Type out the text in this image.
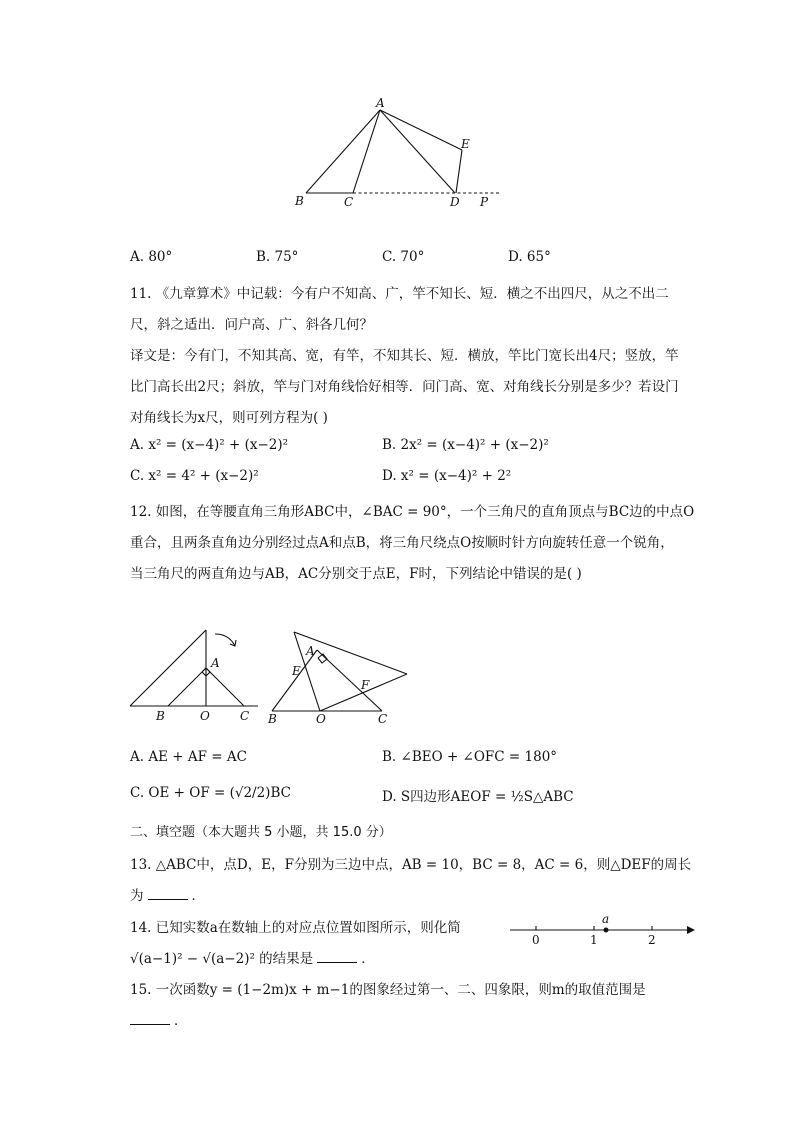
A
E
B	C	D P
A. 80°	B. 75°	C. 70°	D. 65°
11. 《九章算术》中记载：今有户不知高、广，竿不知长、短．横之不出四尺，从之不出二
尺，斜之适出．问户高、广、斜各几何？
译文是：今有门，不知其高、宽，有竿，不知其长、短．横放，竿比门宽长出4尺；竖放，竿
比门高长出2尺；斜放，竿与门对角线恰好相等．问门高、宽、对角线长分别是多少？若设门
对角线长为x尺，则可列方程为( )
A. x² = (x−4)² + (x−2)²	B. 2x² = (x−4)² + (x−2)²
C. x² = 4² + (x−2)²	D. x² = (x−4)² + 2²
12. 如图，在等腰直角三角形ABC中，∠BAC = 90°，一个三角尺的直角顶点与BC边的中点O
重合，且两条直角边分别经过点A和点B，将三角尺绕点O按顺时针方向旋转任意一个锐角，
当三角尺的两直角边与AB，AC分别交于点E，F时，下列结论中错误的是( )
A
B	O	C
A
E
F
B	O	C
A. AE + AF = AC	B. ∠BEO + ∠OFC = 180°
C. OE + OF = (√2/2)BC	D. S四边形AEOF = ½S△ABC
二、填空题（本大题共 5 小题，共 15.0 分）
13. △ABC中，点D，E，F分别为三边中点，AB = 10，BC = 8，AC = 6，则△DEF的周长
为	．
14. 已知实数a在数轴上的对应点位置如图所示，则化简
√(a−1)² − √(a−2)² 的结果是	．
a
0	1	2
15. 一次函数y = (1−2m)x + m−1的图象经过第一、二、四象限，则m的取值范围是
．
